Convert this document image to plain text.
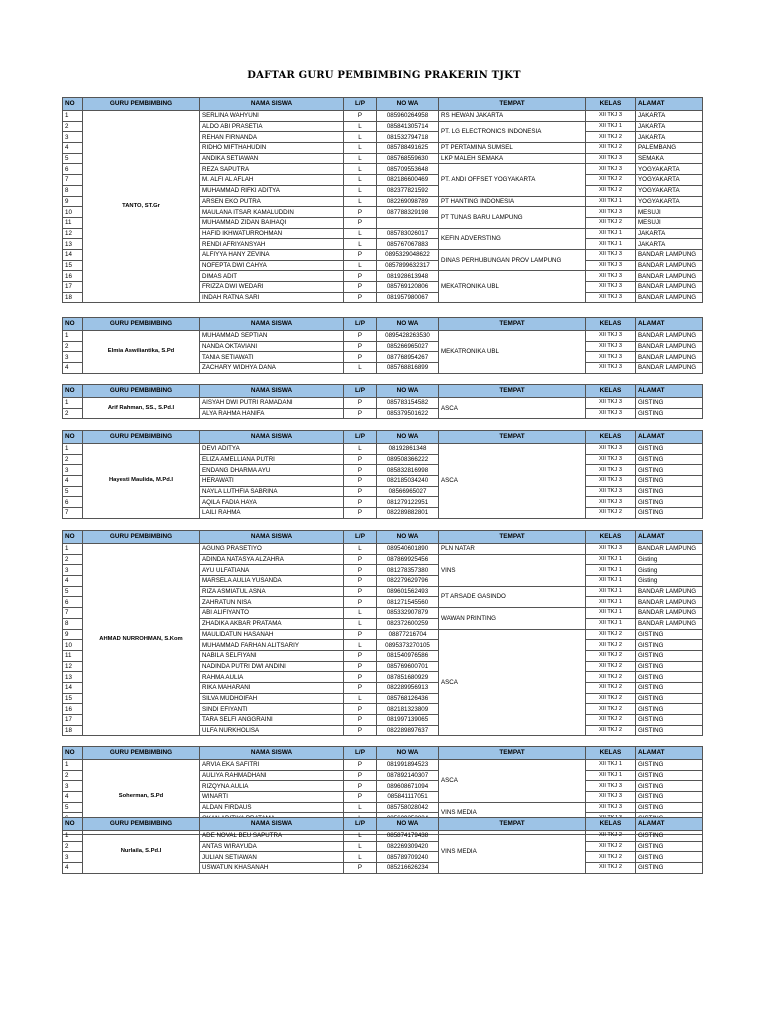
DAFTAR GURU PEMBIMBING PRAKERIN TJKT
NO	GURU PEMBIMBING	NAMA SISWA	L/P	NO WA	TEMPAT	KELAS	ALAMAT
1	TANTO, ST.Gr	SERLINA WAHYUNI	P	085960264958	RS HEWAN JAKARTA	XII TKJ 3	JAKARTA
2		ALDO ABI PRASETIA	L	085841305714	PT. LG ELECTRONICS INDONESIA	XII TKJ 1	JAKARTA
3		REHAN FIRNANDA	L	081532794718		XII TKJ 2	JAKARTA
4		RIDHO MIFTHAHUDIN	L	085788491625	PT PERTAMINA SUMSEL	XII TKJ 2	PALEMBANG
5		ANDIKA SETIAWAN	L	085768559630	LKP MALEH SEMAKA	XII TKJ 3	SEMAKA
6		REZA SAPUTRA	L	085709553648	PT. ANDI OFFSET YOGYAKARTA	XII TKJ 3	YOGYAKARTA
7		M. ALFI AL AFLAH	L	082186600469		XII TKJ 2	YOGYAKARTA
8		MUHAMMAD RIFKI ADITYA	L	082377821592		XII TKJ 2	YOGYAKARTA
9		ARSEN EKO PUTRA	L	082269098789	PT HANTING INDONESIA	XII TKJ 1	YOGYAKARTA
10		MAULANA ITSAR KAMALUDDIN	P	087788329198	PT TUNAS BARU LAMPUNG	XII TKJ 3	MESUJI
11		MUHAMMAD ZIDAN BAIHAQI	P			XII TKJ 2	MESUJI
12		HAFID IKHWATURROHMAN	L	085783026017	KEFIN ADVERSTING	XII TKJ 1	JAKARTA
13		RENDI AFRIYANSYAH	L	085767067883		XII TKJ 1	JAKARTA
14		ALFIYYA HANY ZEVINA	P	0895329048622	DINAS PERHUBUNGAN PROV LAMPUNG	XII TKJ 3	BANDAR LAMPUNG
15		NOFEPTA DWI CAHYA	L	0857899632317		XII TKJ 3	BANDAR LAMPUNG
16		DIMAS ADIT	P	081928613948	MEKATRONIKA UBL	XII TKJ 3	BANDAR LAMPUNG
17		FRIZZA DWI WEDARI	P	085769120806		XII TKJ 3	BANDAR LAMPUNG
18		INDAH RATNA SARI	P	081957980067		XII TKJ 3	BANDAR LAMPUNG
NO	GURU PEMBIMBING	NAMA SISWA	L/P	NO WA	TEMPAT	KELAS	ALAMAT
1	Elmia Aswiliantika, S.Pd	MUHAMMAD SEPTIAN	P	0895428263530	MEKATRONIKA UBL	XII TKJ 3	BANDAR LAMPUNG
2		NANDA OKTAVIANI	P	085266965027		XII TKJ 3	BANDAR LAMPUNG
3		TANIA SETIAWATI	P	087768954267		XII TKJ 3	BANDAR LAMPUNG
4		ZACHARY WIDHYA DANA	L	085768816899		XII TKJ 3	BANDAR LAMPUNG
NO	GURU PEMBIMBING	NAMA SISWA	L/P	NO WA	TEMPAT	KELAS	ALAMAT
1	Arif Rahman, SS., S.Pd.I	AISYAH DWI PUTRI RAMADANI	P	085783154582	ASCA	XII TKJ 3	GISTING
2		ALYA RAHMA HANIFA	P	085379501622		XII TKJ 3	GISTING
NO	GURU PEMBIMBING	NAMA SISWA	L/P	NO WA	TEMPAT	KELAS	ALAMAT
1	Hayesti Maulida, M.Pd.I	DEVI ADITYA	L	08192861348	ASCA	XII TKJ 3	GISTING
2		ELIZA AMELLIANA PUTRI	P	089508366222		XII TKJ 3	GISTING
3		ENDANG DHARMA AYU	P	085832816998		XII TKJ 3	GISTING
4		HERAWATI	P	082185034240		XII TKJ 3	GISTING
5		NAYLA LUTHFIA SABRINA	P	08566965027		XII TKJ 3	GISTING
6		AQILA FADIA HAYA	P	081279122951		XII TKJ 3	GISTING
7		LAILI RAHMA	P	082289882801		XII TKJ 2	GISTING
NO	GURU PEMBIMBING	NAMA SISWA	L/P	NO WA	TEMPAT	KELAS	ALAMAT
1	AHMAD NURROHMAN, S.Kom	AGUNG PRASETIYO	L	089540601890	PLN NATAR	XII TKJ 3	BANDAR LAMPUNG
2		ADINDA NATASYA ALZAHRA	P	087869925456	VINS	XII TKJ 1	Gisting
3		AYU ULFATIANA	P	081278357380		XII TKJ 1	Gisting
4		MARSELA AULIA YUSANDA	P	082279629796		XII TKJ 1	Gisting
5		RIZA ASMIATUL ASNA	P	089601562493	PT ARSADE GASINDO	XII TKJ 1	BANDAR LAMPUNG
6		ZAHRATUN NISA	P	081271545560		XII TKJ 1	BANDAR LAMPUNG
7		ABI ALIFIYANTO	L	085332907879	WAWAN PRINTING	XII TKJ 1	BANDAR LAMPUNG
8		ZHADIKA AKBAR PRATAMA	L	082372600259		XII TKJ 1	BANDAR LAMPUNG
9		MAULIDATUN HASANAH	P	08877216704	ASCA	XII TKJ 2	GISTING
10		MUHAMMAD FARHAN ALITSARIY	L	0895373270105		XII TKJ 2	GISTING
11		NABILA SELFIYANI	P	081540976586		XII TKJ 2	GISTING
12		NADINDA PUTRI DWI ANDINI	P	085769600701		XII TKJ 2	GISTING
13		RAHMA AULIA	P	087851680929		XII TKJ 2	GISTING
14		RIKA MAHARANI	P	082289956913		XII TKJ 2	GISTING
15		SILVA MUDHOIFAH	L	085768126436		XII TKJ 2	GISTING
16		SINDI EFIYANTI	P	082181323809		XII TKJ 2	GISTING
17		TARA SELFI ANGGRAINI	P	081997139065		XII TKJ 2	GISTING
18		ULFA NURKHOLISA	P	082289897637		XII TKJ 2	GISTING
NO	GURU PEMBIMBING	NAMA SISWA	L/P	NO WA	TEMPAT	KELAS	ALAMAT
1	Soherman, S.Pd	ARVIA EKA SAFITRI	P	081991894523	ASCA	XII TKJ 1	GISTING
2		AULIYA RAHMADHANI	P	087892140307		XII TKJ 1	GISTING
3		RIZQYNA AULIA	P	089608671094		XII TKJ 3	GISTING
4		WINARTI	P	085841117051		XII TKJ 3	GISTING
5		ALDAN FIRDAUS	L	085758028042	VINS MEDIA	XII TKJ 3	GISTING

NO	GURU PEMBIMBING	NAMA SISWA	L/P	NO WA	TEMPAT	KELAS	ALAMAT
1	Nurlaila, S.Pd.I	ADE NOVAL BEU SAPUTRA	L	085874179438	VINS MEDIA	XII TKJ 2	GISTING
2		ANTAS WIRAYUDA	L	082269309420		XII TKJ 2	GISTING
3		JULIAN SETIAWAN	L	085789709240		XII TKJ 2	GISTING
4		USWATUN KHASANAH	P	085216626234		XII TKJ 2	GISTING
